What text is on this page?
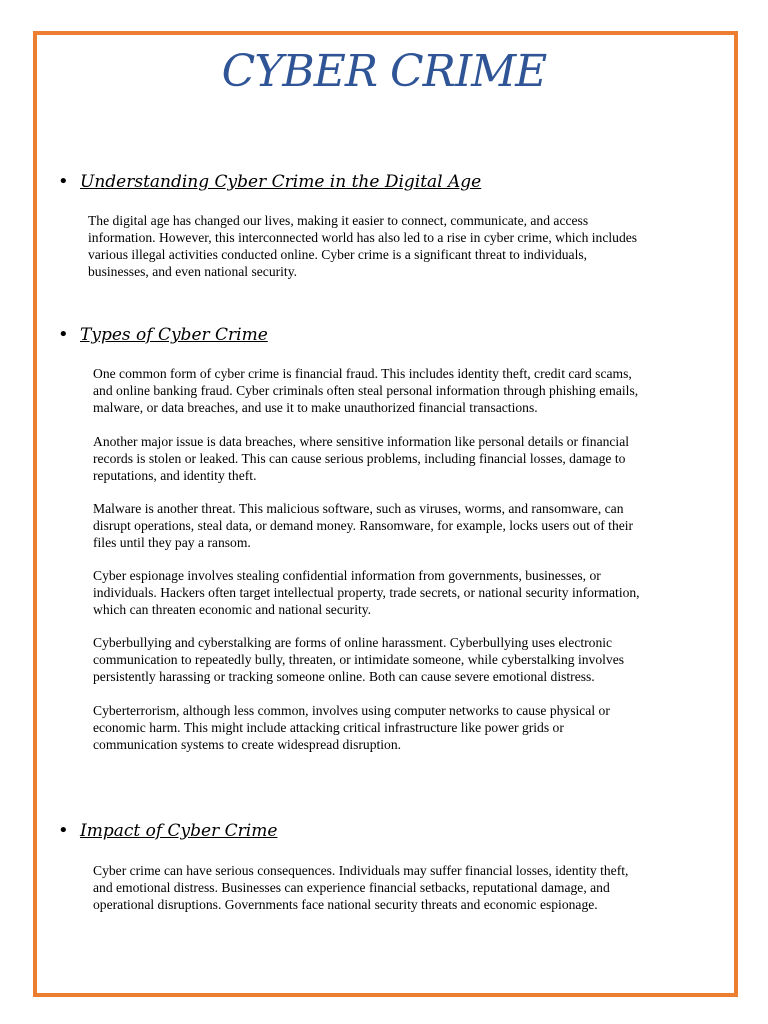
CYBER CRIME
• Understanding Cyber Crime in the Digital Age

The digital age has changed our lives, making it easier to connect, communicate, and access
information. However, this interconnected world has also led to a rise in cyber crime, which includes
various illegal activities conducted online. Cyber crime is a significant threat to individuals,
businesses, and even national security.

• Types of Cyber Crime

One common form of cyber crime is financial fraud. This includes identity theft, credit card scams,
and online banking fraud. Cyber criminals often steal personal information through phishing emails,
malware, or data breaches, and use it to make unauthorized financial transactions.

Another major issue is data breaches, where sensitive information like personal details or financial
records is stolen or leaked. This can cause serious problems, including financial losses, damage to
reputations, and identity theft.

Malware is another threat. This malicious software, such as viruses, worms, and ransomware, can
disrupt operations, steal data, or demand money. Ransomware, for example, locks users out of their
files until they pay a ransom.

Cyber espionage involves stealing confidential information from governments, businesses, or
individuals. Hackers often target intellectual property, trade secrets, or national security information,
which can threaten economic and national security.

Cyberbullying and cyberstalking are forms of online harassment. Cyberbullying uses electronic
communication to repeatedly bully, threaten, or intimidate someone, while cyberstalking involves
persistently harassing or tracking someone online. Both can cause severe emotional distress.

Cyberterrorism, although less common, involves using computer networks to cause physical or
economic harm. This might include attacking critical infrastructure like power grids or
communication systems to create widespread disruption.

• Impact of Cyber Crime

Cyber crime can have serious consequences. Individuals may suffer financial losses, identity theft,
and emotional distress. Businesses can experience financial setbacks, reputational damage, and
operational disruptions. Governments face national security threats and economic espionage.
